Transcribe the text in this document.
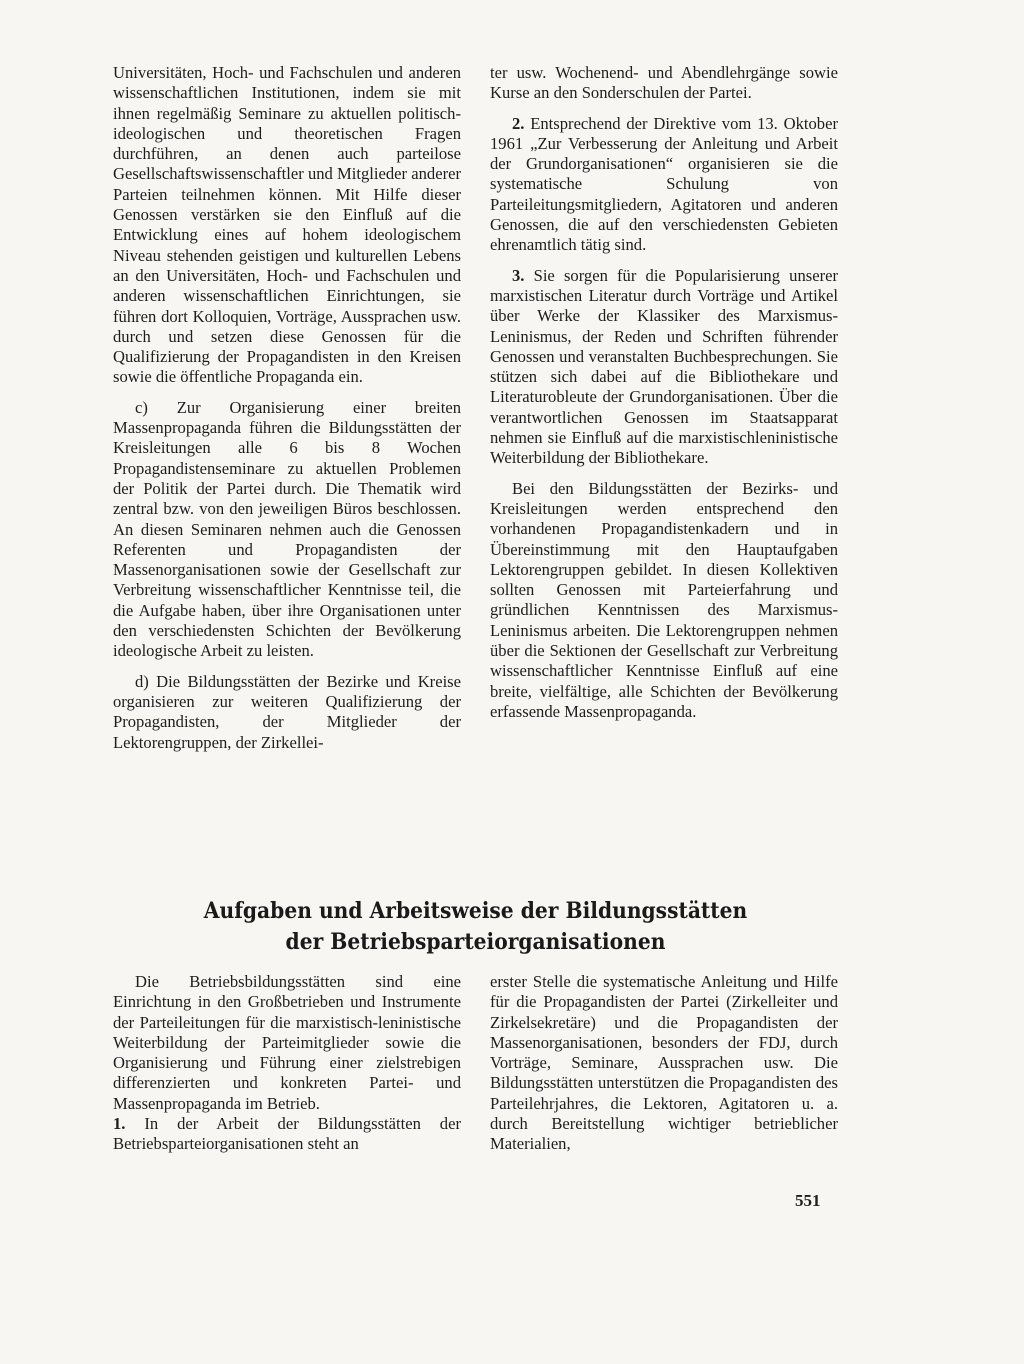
Universitäten, Hoch- und Fachschulen und anderen wissenschaftlichen Institutionen, indem sie mit ihnen regelmäßig Seminare zu aktuellen politisch-ideologischen und theoretischen Fragen durchführen, an denen auch parteilose Gesellschaftswissenschaftler und Mitglieder anderer Parteien teilnehmen können. Mit Hilfe dieser Genossen verstärken sie den Einfluß auf die Entwicklung eines auf hohem ideologischem Niveau stehenden geistigen und kulturellen Lebens an den Universitäten, Hoch- und Fachschulen und anderen wissenschaftlichen Einrichtungen, sie führen dort Kolloquien, Vorträge, Aussprachen usw. durch und setzen diese Genossen für die Qualifizierung der Propagandisten in den Kreisen sowie die öffentliche Propaganda ein.

c) Zur Organisierung einer breiten Massenpropaganda führen die Bildungsstätten der Kreisleitungen alle 6 bis 8 Wochen Propagandistenseminare zu aktuellen Problemen der Politik der Partei durch. Die Thematik wird zentral bzw. von den jeweiligen Büros beschlossen. An diesen Seminaren nehmen auch die Genossen Referenten und Propagandisten der Massenorganisationen sowie der Gesellschaft zur Verbreitung wissenschaftlicher Kenntnisse teil, die die Aufgabe haben, über ihre Organisationen unter den verschiedensten Schichten der Bevölkerung ideologische Arbeit zu leisten.

d) Die Bildungsstätten der Bezirke und Kreise organisieren zur weiteren Qualifizierung der Propagandisten, der Mitglieder der Lektorengruppen, der Zirkellei-

ter usw. Wochenend- und Abendlehrgänge sowie Kurse an den Sonderschulen der Partei.

2. Entsprechend der Direktive vom 13. Oktober 1961 „Zur Verbesserung der Anleitung und Arbeit der Grundorganisationen“ organisieren sie die systematische Schulung von Parteileitungsmitgliedern, Agitatoren und anderen Genossen, die auf den verschiedensten Gebieten ehrenamtlich tätig sind.

3. Sie sorgen für die Popularisierung unserer marxistischen Literatur durch Vorträge und Artikel über Werke der Klassiker des Marxismus-Leninismus, der Reden und Schriften führender Genossen und veranstalten Buchbesprechungen. Sie stützen sich dabei auf die Bibliothekare und Literaturobleute der Grundorganisationen. Über die verantwortlichen Genossen im Staatsapparat nehmen sie Einfluß auf die marxistischleninistische Weiterbildung der Bibliothekare.

Bei den Bildungsstätten der Bezirks- und Kreisleitungen werden entsprechend den vorhandenen Propagandistenkadern und in Übereinstimmung mit den Hauptaufgaben Lektorengruppen gebildet. In diesen Kollektiven sollten Genossen mit Parteierfahrung und gründlichen Kenntnissen des Marxismus-Leninismus arbeiten. Die Lektorengruppen nehmen über die Sektionen der Gesellschaft zur Verbreitung wissenschaftlicher Kenntnisse Einfluß auf eine breite, vielfältige, alle Schichten der Bevölkerung erfassende Massenpropaganda.

Aufgaben und Arbeitsweise der Bildungsstätten
der Betriebsparteiorganisationen

Die Betriebsbildungsstätten sind eine Einrichtung in den Großbetrieben und Instrumente der Parteileitungen für die marxistisch-leninistische Weiterbildung der Parteimitglieder sowie die Organisierung und Führung einer zielstrebigen differenzierten und konkreten Partei- und Massenpropaganda im Betrieb.

1. In der Arbeit der Bildungsstätten der Betriebsparteiorganisationen steht an

erster Stelle die systematische Anleitung und Hilfe für die Propagandisten der Partei (Zirkelleiter und Zirkelsekretäre) und die Propagandisten der Massenorganisationen, besonders der FDJ, durch Vorträge, Seminare, Aussprachen usw. Die Bildungsstätten unterstützen die Propagandisten des Parteilehrjahres, die Lektoren, Agitatoren u. a. durch Bereitstellung wichtiger betrieblicher Materialien,

551
